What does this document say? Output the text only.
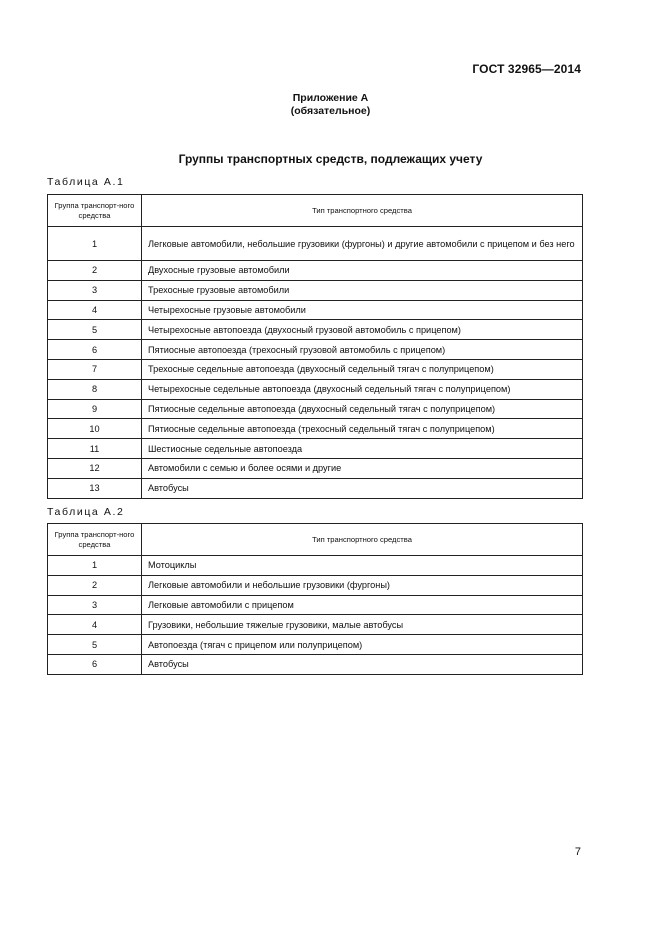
ГОСТ 32965—2014
Приложение А
(обязательное)
Группы транспортных средств, подлежащих учету
Таблица А.1
Группа транспорт-ного средства	Тип транспортного средства
1	Легковые автомобили, небольшие грузовики (фургоны) и другие автомобили с прицепом и без него
2	Двухосные грузовые автомобили
3	Трехосные грузовые автомобили
4	Четырехосные грузовые автомобили
5	Четырехосные автопоезда (двухосный грузовой автомобиль с прицепом)
6	Пятиосные автопоезда (трехосный грузовой автомобиль с прицепом)
7	Трехосные седельные автопоезда (двухосный седельный тягач с полуприцепом)
8	Четырехосные седельные автопоезда (двухосный седельный тягач с полуприцепом)
9	Пятиосные седельные автопоезда (двухосный седельный тягач с полуприцепом)
10	Пятиосные седельные автопоезда (трехосный седельный тягач с полуприцепом)
11	Шестиосные седельные автопоезда
12	Автомобили с семью и более осями и другие
13	Автобусы
Таблица А.2
Группа транспорт-ного средства	Тип транспортного средства
1	Мотоциклы
2	Легковые автомобили и небольшие грузовики (фургоны)
3	Легковые автомобили с прицепом
4	Грузовики, небольшие тяжелые грузовики, малые автобусы
5	Автопоезда (тягач с прицепом или полуприцепом)
6	Автобусы
7
